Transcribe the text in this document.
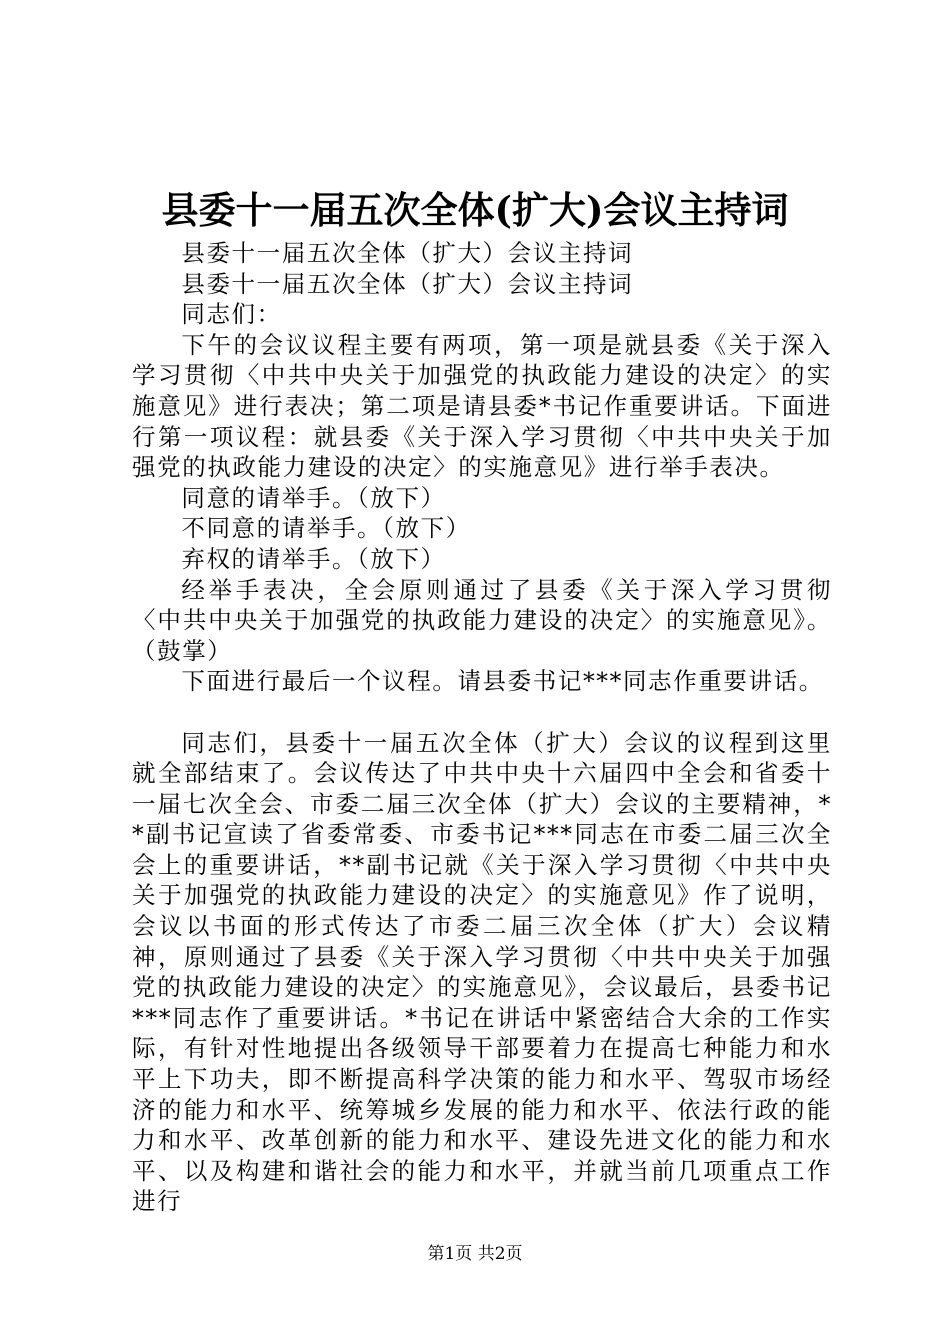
县委十一届五次全体(扩大)会议主持词

县委十一届五次全体（扩大）会议主持词

县委十一届五次全体（扩大）会议主持词

同志们：

下午的会议议程主要有两项，第一项是就县委《关于深入学习贯彻〈中共中央关于加强党的执政能力建设的决定〉的实施意见》进行表决；第二项是请县委*书记作重要讲话。下面进行第一项议程：就县委《关于深入学习贯彻〈中共中央关于加强党的执政能力建设的决定〉的实施意见》进行举手表决。

同意的请举手。（放下）

不同意的请举手。（放下）

弃权的请举手。（放下）

经举手表决，全会原则通过了县委《关于深入学习贯彻〈中共中央关于加强党的执政能力建设的决定〉的实施意见》。（鼓掌）

下面进行最后一个议程。请县委书记***同志作重要讲话。

同志们，县委十一届五次全体（扩大）会议的议程到这里就全部结束了。会议传达了中共中央十六届四中全会和省委十一届七次全会、市委二届三次全体（扩大）会议的主要精神，**副书记宣读了省委常委、市委书记***同志在市委二届三次全会上的重要讲话，**副书记就《关于深入学习贯彻〈中共中央关于加强党的执政能力建设的决定〉的实施意见》作了说明，会议以书面的形式传达了市委二届三次全体（扩大）会议精神，原则通过了县委《关于深入学习贯彻〈中共中央关于加强党的执政能力建设的决定〉的实施意见》，会议最后，县委书记***同志作了重要讲话。*书记在讲话中紧密结合大余的工作实际，有针对性地提出各级领导干部要着力在提高七种能力和水平上下功夫，即不断提高科学决策的能力和水平、驾驭市场经济的能力和水平、统筹城乡发展的能力和水平、依法行政的能力和水平、改革创新的能力和水平、建设先进文化的能力和水平、以及构建和谐社会的能力和水平，并就当前几项重点工作进行

第1页 共2页
